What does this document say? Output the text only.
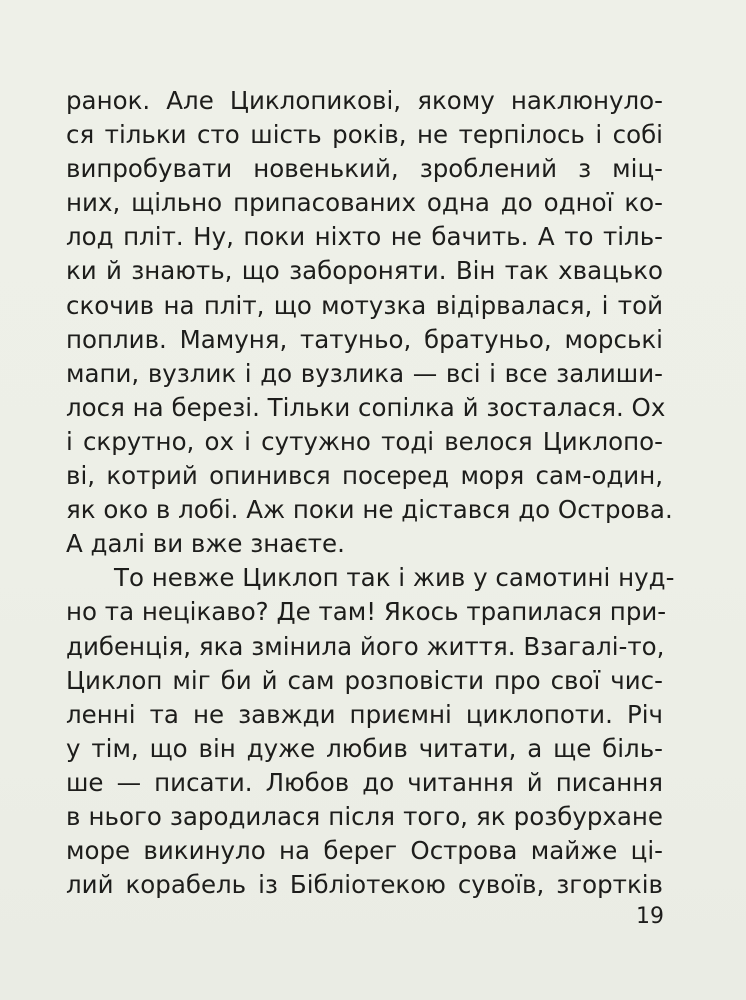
ранок. Але Циклопикові, якому наклюнуло-
ся тільки сто шість років, не терпілось і собі
випробувати новенький, зроблений з міц-
них, щільно припасованих одна до одної ко-
лод пліт. Ну, поки ніхто не бачить. А то тіль-
ки й знають, що забороняти. Він так хвацько
скочив на пліт, що мотузка відірвалася, і той
поплив. Мамуня, татуньо, братуньо, морські
мапи, вузлик і до вузлика — всі і все залиши-
лося на березі. Тільки сопілка й зосталася. Ох
і скрутно, ох і сутужно тоді велося Циклопо-
ві, котрий опинився посеред моря сам-один,
як око в лобі. Аж поки не дістався до Острова.
А далі ви вже знаєте.
То невже Циклоп так і жив у самотині нуд-
но та нецікаво? Де там! Якось трапилася при-
дибенція, яка змінила його життя. Взагалі-то,
Циклоп міг би й сам розповісти про свої чис-
ленні та не завжди приємні циклопоти. Річ
у тім, що він дуже любив читати, а ще біль-
ше — писати. Любов до читання й писання
в нього зародилася після того, як розбурхане
море викинуло на берег Острова майже ці-
лий корабель із Бібліотекою сувоїв, згортків
19
